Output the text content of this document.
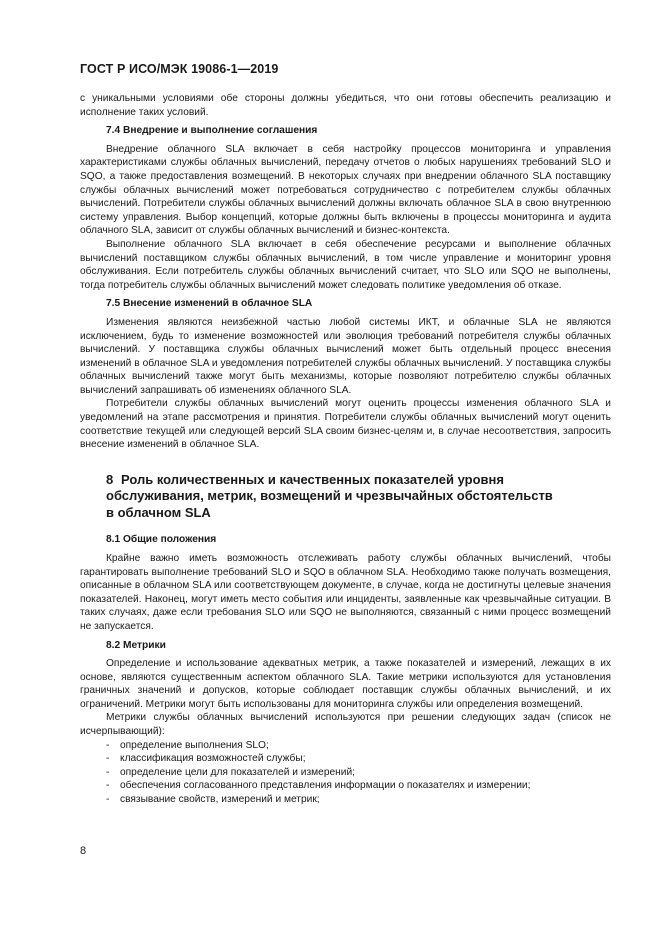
ГОСТ Р ИСО/МЭК 19086-1—2019

с уникальными условиями обе стороны должны убедиться, что они готовы обеспечить реализацию и исполнение таких условий.

7.4 Внедрение и выполнение соглашения

Внедрение облачного SLA включает в себя настройку процессов мониторинга и управления характеристиками службы облачных вычислений, передачу отчетов о любых нарушениях требований SLO и SQO, а также предоставления возмещений. В некоторых случаях при внедрении облачного SLA поставщику службы облачных вычислений может потребоваться сотрудничество с потребителем службы облачных вычислений. Потребители службы облачных вычислений должны включать облачное SLA в свою внутреннюю систему управления. Выбор концепций, которые должны быть включены в процессы мониторинга и аудита облачного SLA, зависит от службы облачных вычислений и бизнес-контекста.

Выполнение облачного SLA включает в себя обеспечение ресурсами и выполнение облачных вычислений поставщиком службы облачных вычислений, в том числе управление и мониторинг уровня обслуживания. Если потребитель службы облачных вычислений считает, что SLO или SQO не выполнены, тогда потребитель службы облачных вычислений может следовать политике уведомления об отказе.

7.5 Внесение изменений в облачное SLA

Изменения являются неизбежной частью любой системы ИКТ, и облачные SLA не являются исключением, будь то изменение возможностей или эволюция требований потребителя службы облачных вычислений. У поставщика службы облачных вычислений может быть отдельный процесс внесения изменений в облачное SLA и уведомления потребителей службы облачных вычислений. У поставщика службы облачных вычислений также могут быть механизмы, которые позволяют потребителю службы облачных вычислений запрашивать об изменениях облачного SLA.

Потребители службы облачных вычислений могут оценить процессы изменения облачного SLA и уведомлений на этапе рассмотрения и принятия. Потребители службы облачных вычислений могут оценить соответствие текущей или следующей версий SLA своим бизнес-целям и, в случае несоответствия, запросить внесение изменений в облачное SLA.

8 Роль количественных и качественных показателей уровня
обслуживания, метрик, возмещений и чрезвычайных обстоятельств
в облачном SLA

8.1 Общие положения

Крайне важно иметь возможность отслеживать работу службы облачных вычислений, чтобы гарантировать выполнение требований SLO и SQO в облачном SLA. Необходимо также получать возмещения, описанные в облачном SLA или соответствующем документе, в случае, когда не достигнуты целевые значения показателей. Наконец, могут иметь место события или инциденты, заявленные как чрезвычайные ситуации. В таких случаях, даже если требования SLO или SQO не выполняются, связанный с ними процесс возмещений не запускается.

8.2 Метрики

Определение и использование адекватных метрик, а также показателей и измерений, лежащих в их основе, являются существенным аспектом облачного SLA. Такие метрики используются для установления граничных значений и допусков, которые соблюдает поставщик службы облачных вычислений, и их ограничений. Метрики могут быть использованы для мониторинга службы или определения возмещений.

Метрики службы облачных вычислений используются при решении следующих задач (список не исчерпывающий):

- определение выполнения SLO;
- классификация возможностей службы;
- определение цели для показателей и измерений;
- обеспечения согласованного представления информации о показателях и измерении;
- связывание свойств, измерений и метрик;
8
